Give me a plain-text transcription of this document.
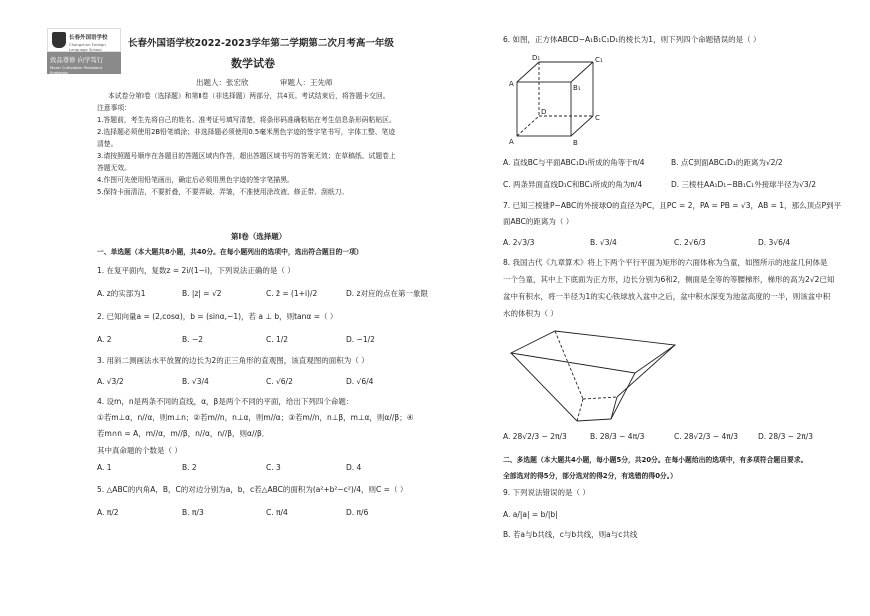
长春外国语学校
Changchun Foreign Language School
致品尊修 向学笃行
Moral Cultivation Persistent Endeavor
长春外国语学校2022-2023学年第二学期第二次月考高一年级
数学试卷
出题人：张宏欣	审题人：王先师
本试卷分第Ⅰ卷（选择题）和第Ⅱ卷（非选择题）两部分，共4页。考试结束后，将答题卡交回。
注意事项：
1.答题前，考生先将自己的姓名、准考证号填写清楚，将条形码准确粘贴在考生信息条形码粘贴区。
2.选择题必须使用2B铅笔填涂；非选择题必须使用0.5毫米黑色字迹的签字笔书写，字体工整、笔迹
清楚。
3.请按照题号顺序在各题目的答题区域内作答，超出答题区域书写的答案无效；在草稿纸、试题卷上
答题无效。
4.作图可先使用铅笔画出，确定后必须用黑色字迹的签字笔描黑。
5.保持卡面清洁，不要折叠，不要弄破、弄皱，不准使用涂改液、修正带、刮纸刀。
第Ⅰ卷（选择题）
一、单选题（本大题共8小题，共40分。在每小题列出的选项中，选出符合题目的一项）
1. 在复平面内，复数z = 2i/(1−i)，下列说法正确的是（ ）
A. z的实部为1	B. |z| = √2	C. z̄ = (1+i)/2	D. z对应的点在第一象限
2. 已知向量a = (2,cosα)，b = (sinα,−1)，若 a ⊥ b，则tanα =（ ）
A. 2	B. −2	C. 1/2	D. −1/2
3. 用斜二测画法水平放置的边长为2的正三角形的直观图，该直观图的面积为（ ）
A. √3/2	B. √3/4	C. √6/2	D. √6/4
4. 设m，n是两条不同的直线，α，β是两个不同的平面，给出下列四个命题：
①若m⊥α，n//α，则m⊥n；②若m//n，n⊥α，则m//α；③若m//n，n⊥β，m⊥α，则α//β；④
若m∩n = A，m//α，m//β，n//α，n//β，则α//β．
其中真命题的个数是（ ）
A. 1	B. 2	C. 3	D. 4
5. △ABC的内角A，B，C的对边分别为a，b，c若△ABC的面积为(a²+b²−c²)/4，则C =（ ）
A. π/2	B. π/3	C. π/4	D. π/6
6. 如图，正方体ABCD−A₁B₁C₁D₁的棱长为1，则下列四个命题错误的是（ ）
D₁	C₁
A	B₁
D
C
A	B
A. 直线BC与平面ABC₁D₁所成的角等于π/4	B. 点C到面ABC₁D₁的距离为√2/2
C. 两条异面直线D₁C和BC₁所成的角为π/4	D. 三棱柱AA₁D₁−BB₁C₁外接球半径为√3/2
7. 已知三棱锥P−ABC的外接球O的直径为PC，且PC = 2，PA = PB = √3，AB = 1，那么顶点P到平
面ABC的距离为（ ）
A. 2√3/3	B. √3/4	C. 2√6/3	D. 3√6/4
8. 我国古代《九章算术》将上下两个平行平面为矩形的六面体称为刍童，如图所示的池盆几何体是
一个刍童，其中上下底面为正方形，边长分别为6和2，侧面是全等的等腰梯形，梯形的高为2√2已知
盆中有积水，将一半径为1的实心铁球放入盆中之后，盆中积水深变为池盆高度的一半，则该盆中积
水的体积为（ ）
A. 28√2/3 − 2π/3	B. 28/3 − 4π/3	C. 28√2/3 − 4π/3	D. 28/3 − 2π/3
二、多选题（本大题共4小题，每小题5分，共20分。在每小题给出的选项中，有多项符合题目要求。
全部选对的得5分，部分选对的得2分，有选错的得0分。）
9. 下列说法错误的是（ ）
A. a/|a| = b/|b|
B. 若a与b共线，c与b共线，则a与c共线
